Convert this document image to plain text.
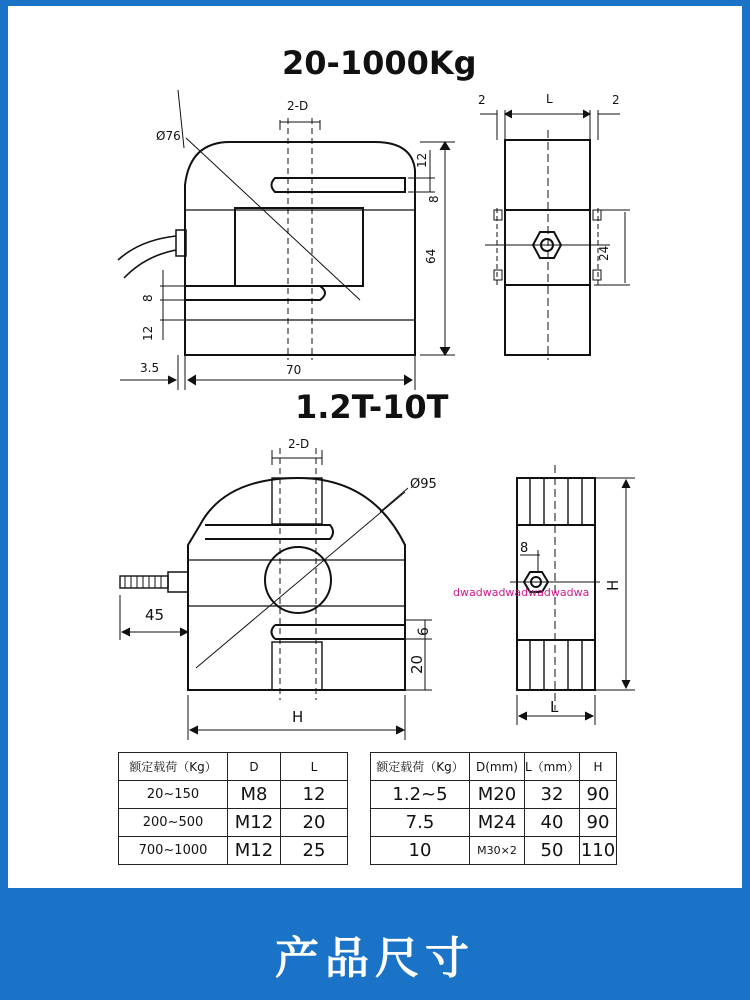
20-1000Kg
1.2T-10T
Ø76
2-D
12
8
64
8
12
70
3.5
L
2	2
24
2-D
Ø95
45
6
20
H
8
H
L
dwadwadwadwadwadwa
额定载荷（Kg）	D	L
20~150	M8	12
200~500	M12	20
700~1000	M12	25
额定载荷（Kg）	D(mm)	L（mm）	H
1.2~5	M20	32	90
7.5	M24	40	90
10	M30×2	50	110
产品尺寸
